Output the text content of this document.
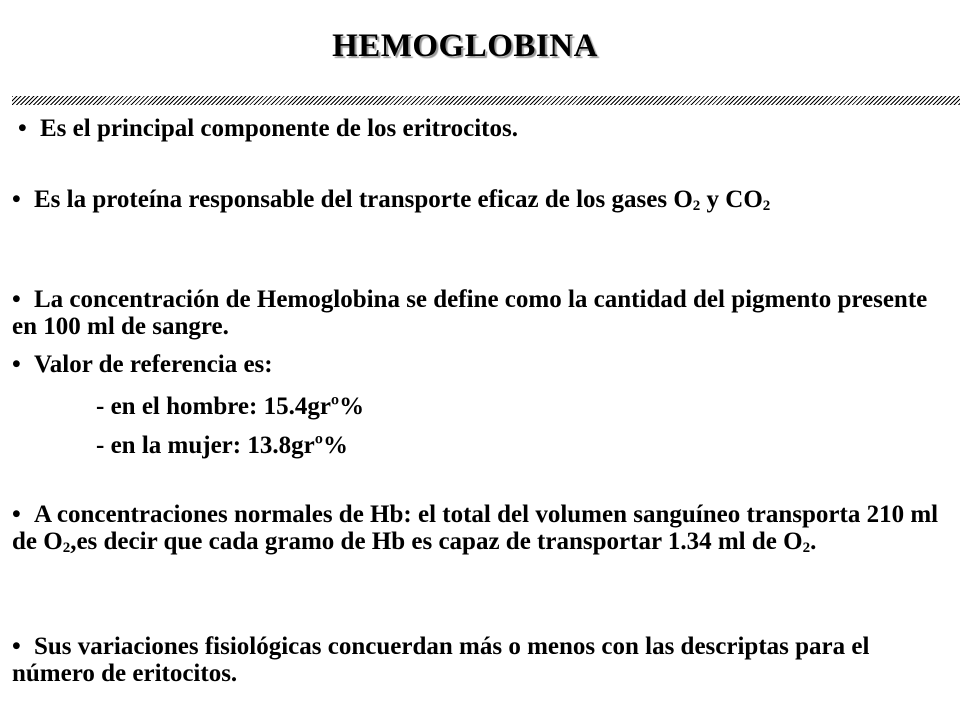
HEMOGLOBINA

• Es el principal componente de los eritrocitos.

• Es la proteína responsable del transporte eficaz de los gases $O_2$ y $CO_2$

• La concentración de Hemoglobina se define como la cantidad del pigmento presente en 100 ml de sangre.

• Valor de referencia es:

- en el hombre: 15.4grº%

- en la mujer: 13.8grº%

• A concentraciones normales de Hb: el total del volumen sanguíneo transporta 210 ml de $O_2,es$ decir que cada gramo de Hb es capaz de transportar 1.34 ml de $O_2$.

• Sus variaciones fisiológicas concuerdan más o menos con las descriptas para el número de eritocitos.
